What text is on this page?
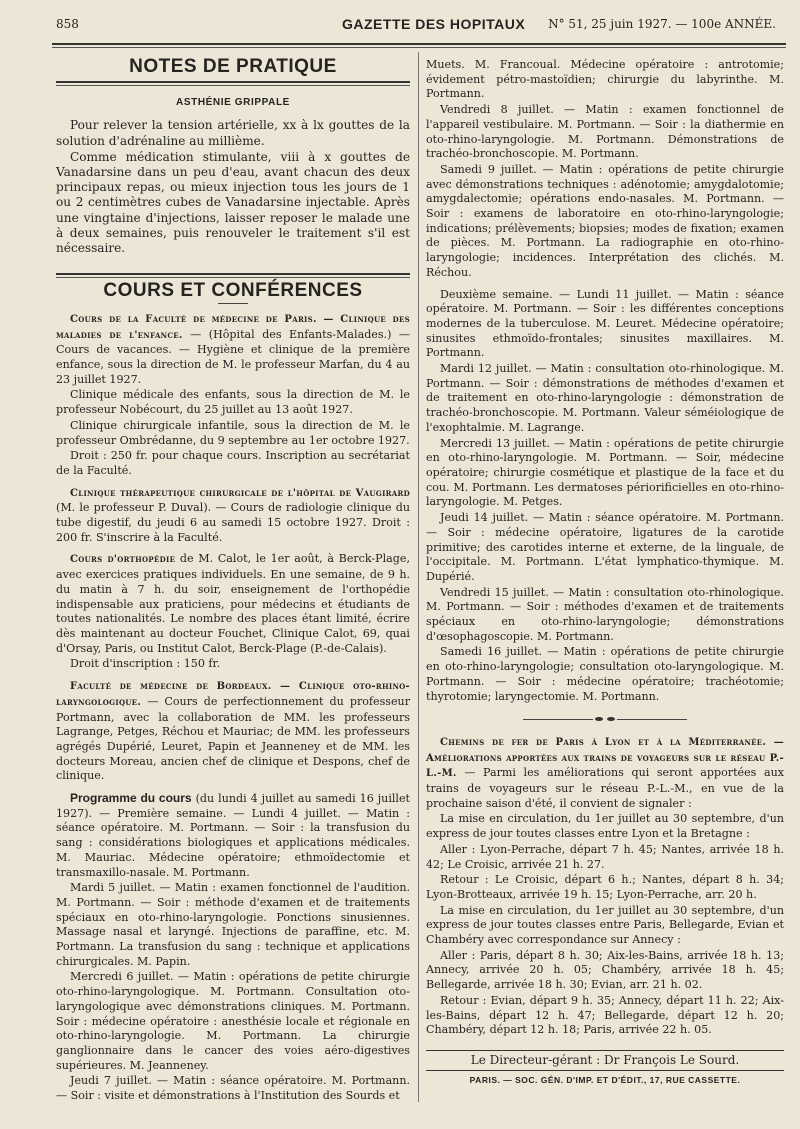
858	GAZETTE DES HOPITAUX N° 51, 25 juin 1927. — 100e ANNÉE.
NOTES DE PRATIQUE
ASTHÉNIE GRIPPALE

Pour relever la tension artérielle, xx à lx gouttes de la solution d'adrénaline au millième.

Comme médication stimulante, viii à x gouttes de Vanadarsine dans un peu d'eau, avant chacun des deux principaux repas, ou mieux injection tous les jours de 1 ou 2 centimètres cubes de Vanadarsine injectable. Après une vingtaine d'injections, laisser reposer le malade une à deux semaines, puis renouveler le traitement s'il est nécessaire.

COURS ET CONFÉRENCES

Cours de la Faculté de médecine de Paris. — Clinique des maladies de l'enfance. — (Hôpital des Enfants-Malades.) — Cours de vacances. — Hygiène et clinique de la première enfance, sous la direction de M. le professeur Marfan, du 4 au 23 juillet 1927.

Clinique médicale des enfants, sous la direction de M. le professeur Nobécourt, du 25 juillet au 13 août 1927.

Clinique chirurgicale infantile, sous la direction de M. le professeur Ombrédanne, du 9 septembre au 1er octobre 1927.

Droit : 250 fr. pour chaque cours. Inscription au secrétariat de la Faculté.

Clinique thérapeutique chirurgicale de l'hôpital de Vaugirard (M. le professeur P. Duval). — Cours de radiologie clinique du tube digestif, du jeudi 6 au samedi 15 octobre 1927. Droit : 200 fr. S'inscrire à la Faculté.

Cours d'orthopédie de M. Calot, le 1er août, à Berck-Plage, avec exercices pratiques individuels. En une semaine, de 9 h. du matin à 7 h. du soir, enseignement de l'orthopédie indispensable aux praticiens, pour médecins et étudiants de toutes nationalités. Le nombre des places étant limité, écrire dès maintenant au docteur Fouchet, Clinique Calot, 69, quai d'Orsay, Paris, ou Institut Calot, Berck-Plage (P.-de-Calais).

Droit d'inscription : 150 fr.

Faculté de médecine de Bordeaux. — Clinique oto-rhino-laryngologique. — Cours de perfectionnement du professeur Portmann, avec la collaboration de MM. les professeurs Lagrange, Petges, Réchou et Mauriac; de MM. les professeurs agrégés Dupérié, Leuret, Papin et Jeanneney et de MM. les docteurs Moreau, ancien chef de clinique et Despons, chef de clinique.

Programme du cours (du lundi 4 juillet au samedi 16 juillet 1927). — Première semaine. — Lundi 4 juillet. — Matin : séance opératoire. M. Portmann. — Soir : la transfusion du sang : considérations biologiques et applications médicales. M. Mauriac. Médecine opératoire; ethmoïdectomie et transmaxillo-nasale. M. Portmann.

Mardi 5 juillet. — Matin : examen fonctionnel de l'audition. M. Portmann. — Soir : méthode d'examen et de traitements spéciaux en oto-rhino-laryngologie. Ponctions sinusiennes. Massage nasal et laryngé. Injections de paraffine, etc. M. Portmann. La transfusion du sang : technique et applications chirurgicales. M. Papin.

Mercredi 6 juillet. — Matin : opérations de petite chirurgie oto-rhino-laryngologique. M. Portmann. Consultation oto-laryngologique avec démonstrations cliniques. M. Portmann. Soir : médecine opératoire : anesthésie locale et régionale en oto-rhino-laryngologie. M. Portmann. La chirurgie ganglionnaire dans le cancer des voies aéro-digestives supérieures. M. Jeanneney.

Jeudi 7 juillet. — Matin : séance opératoire. M. Portmann. — Soir : visite et démonstrations à l'Institution des Sourds et

Muets. M. Francoual. Médecine opératoire : antrotomie; évidement pétro-mastoïdien; chirurgie du labyrinthe. M. Portmann.

Vendredi 8 juillet. — Matin : examen fonctionnel de l'appareil vestibulaire. M. Portmann. — Soir : la diathermie en oto-rhino-laryngologie. M. Portmann. Démonstrations de trachéo-bronchoscopie. M. Portmann.

Samedi 9 juillet. — Matin : opérations de petite chirurgie avec démonstrations techniques : adénotomie; amygdalotomie; amygdalectomie; opérations endo-nasales. M. Portmann. — Soir : examens de laboratoire en oto-rhino-laryngologie; indications; prélèvements; biopsies; modes de fixation; examen de pièces. M. Portmann. La radiographie en oto-rhino-laryngologie; incidences. Interprétation des clichés. M. Réchou.

Deuxième semaine. — Lundi 11 juillet. — Matin : séance opératoire. M. Portmann. — Soir : les différentes conceptions modernes de la tuberculose. M. Leuret. Médecine opératoire; sinusites ethmoïdo-frontales; sinusites maxillaires. M. Portmann.

Mardi 12 juillet. — Matin : consultation oto-rhinologique. M. Portmann. — Soir : démonstrations de méthodes d'examen et de traitement en oto-rhino-laryngologie : démonstration de trachéo-bronchoscopie. M. Portmann. Valeur séméiologique de l'exophtalmie. M. Lagrange.

Mercredi 13 juillet. — Matin : opérations de petite chirurgie en oto-rhino-laryngologie. M. Portmann. — Soir, médecine opératoire; chirurgie cosmétique et plastique de la face et du cou. M. Portmann. Les dermatoses périorificielles en oto-rhino-laryngologie. M. Petges.

Jeudi 14 juillet. — Matin : séance opératoire. M. Portmann. — Soir : médecine opératoire, ligatures de la carotide primitive; des carotides interne et externe, de la linguale, de l'occipitale. M. Portmann. L'état lymphatico-thymique. M. Dupérié.

Vendredi 15 juillet. — Matin : consultation oto-rhinologique. M. Portmann. — Soir : méthodes d'examen et de traitements spéciaux en oto-rhino-laryngologie; démonstrations d'œsophagoscopie. M. Portmann.

Samedi 16 juillet. — Matin : opérations de petite chirurgie en oto-rhino-laryngologie; consultation oto-laryngologique. M. Portmann. — Soir : médecine opératoire; trachéotomie; thyrotomie; laryngectomie. M. Portmann.

Chemins de fer de Paris à Lyon et à la Méditerranée. — Améliorations apportées aux trains de voyageurs sur le réseau P.-L.-M. — Parmi les améliorations qui seront apportées aux trains de voyageurs sur le réseau P.-L.-M., en vue de la prochaine saison d'été, il convient de signaler :

La mise en circulation, du 1er juillet au 30 septembre, d'un express de jour toutes classes entre Lyon et la Bretagne :

Aller : Lyon-Perrache, départ 7 h. 45; Nantes, arrivée 18 h. 42; Le Croisic, arrivée 21 h. 27.

Retour : Le Croisic, départ 6 h.; Nantes, départ 8 h. 34; Lyon-Brotteaux, arrivée 19 h. 15; Lyon-Perrache, arr. 20 h.

La mise en circulation, du 1er juillet au 30 septembre, d'un express de jour toutes classes entre Paris, Bellegarde, Evian et Chambéry avec correspondance sur Annecy :

Aller : Paris, départ 8 h. 30; Aix-les-Bains, arrivée 18 h. 13; Annecy, arrivée 20 h. 05; Chambéry, arrivée 18 h. 45; Bellegarde, arrivée 18 h. 30; Evian, arr. 21 h. 02.

Retour : Evian, départ 9 h. 35; Annecy, départ 11 h. 22; Aix-les-Bains, départ 12 h. 47; Bellegarde, départ 12 h. 20; Chambéry, départ 12 h. 18; Paris, arrivée 22 h. 05.

Le Directeur-gérant : Dr François Le Sourd.
PARIS. — SOC. GÉN. D'IMP. ET D'ÉDIT., 17, RUE CASSETTE.
